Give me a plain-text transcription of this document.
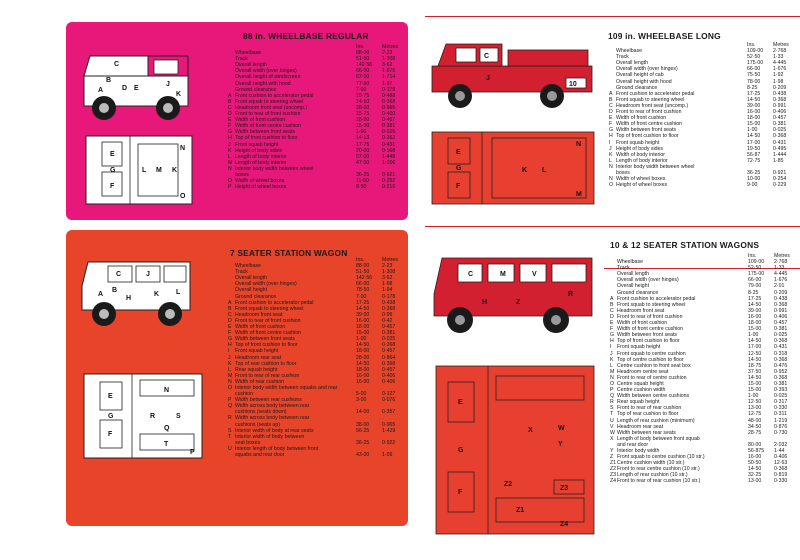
C
B
A	D E
J
K
E
G
F
L M K
N
O
88 in. WHEELBASE REGULAR
Ins.	Metres
Wheelbase	88·00	2·23
Track	51·50	1·308
Overall length	142·56	3·62
Overall width (over hinges)	66·00	1·676
Overall height of windscreen	67·50	1·714
Overall height with hood	77·50	1·97
Ground clearance	7·00	0·178
A Front cushion to accelerator pedal	19·75	0·488
B Front squab to steering wheel	14·50	0·368
C Headroom front seat (uncomp.)	38·00	0·965
D Front to rear of front cushion	15·75	0·400
E Width of front cushion	18·00	0·457
F Width of front centre cushion	15·00	0·381
G Width between front seats	1·00	0·025
H Top of front cushion to floor	14·13	0·362
J Front squab height	17·75	0·451
K Height of body sides	20·00	0·508
L Length of body interior	57·00	1·448
M Length of body interior	47·50	1·206
N Interior body width between wheel
boxes	36·25	0·921
O Width of wheel boxes	11·50	0·292
P Height of wheel boxes	8·50	0·216
C
J
10
E
G
F
K L
N
M
109 in. WHEELBASE LONG
Ins.	Metres
Wheelbase	109·00	2·768
Track	52·50	1·33
Overall length	175·00	4·445
Overall width (over hinges)	66·00	1·676
Overall height of cab	75·50	1·92
Overall height with hood	78·00	1·98
Ground clearance	8·25	0·209
A Front cushion to accelerator pedal	17·25	0·438
B Front squab to steering wheel	14·50	0·368
C Headroom front seat (uncomp.)	39·00	0·991
D Front to rear of front cushion	16·00	0·406
E Width of front cushion	18·00	0·457
F Width of front centre cushion	15·00	0·381
G Width between front seats	1·00	0·025
H Top of front cushion to floor	14·50	0·368
I	Front squab height	17·00	0·431
J Height of body sides	19·50	0·495
K Width of body interior	56·87	1·444
L Length of body interior	72·75	1·85
N Interior body width between wheel
boxes	36·25	0·921
N Width of wheel boxes	10·00	0·254
O Height of wheel boxes	9·00	0·229
C	J
A
B
H
K L
E
G
F
N
R	S
Q
T
P
7 SEATER STATION WAGON
Ins.	Metres
Wheelbase	88·00	2·23
Track	51·50	1·308
Overall length	142·56	3·62
Overall width (over hinges)	66·00	1·68
Overall height	78·50	1·94
Ground clearance	7·00	0·178
A Front cushion to accelerator pedal	17·25	0·438
B Front squab to steering wheel	14·50	0·368
C Headroom front seat	39·00	0·99
D Front to rear of front cushion	16·00	0·42
E Width of front cushion	18·00	0·457
F Width of front centre cushion	15·00	0·381
G Width between front seats	1·00	0·025
H Top of front cushion to floor	14·50	0·368
I	Front squab height	18·00	0·457
J Headroom rear seat	28·00	0·864
K Top of rear cushion to floor	14·50	0·368
L Rear squab height	18·00	0·457
M Front to rear of rear cushion	16·00	0·406
N Width of rear cushion	16·00	0·406
O Interior body width between squabs and rear
cushion	5·00	0·127
P Width between rear cushions	3·00	0·076
Q Width across body between rear
cushions (seats down)	14·00	0·357
R Width across body between rear
cushions (seats up)	38·00	0·965
S Interior width of body at rear seats	56·25	1·429
T Interior width of body between
seat boxes	36·25	0·922
U Interior length of body between front
squabs and rear door	43·00	1·09
C	M	V
H	Z
R
E
G
F
X	W
Y
Z2
Z1
Z3
Z4
10 & 12 SEATER STATION WAGONS
Ins.	Metres
Wheelbase	109·00	2·768
Track	52·50	1·33
Overall length	175·00	4·445
Overall width (over hinges)	66·00	1·676
Overall height	79·00	2·01
Ground clearance	8·25	0·209
A Front cushion to accelerator pedal	17·25	0·438
B Front squab to steering wheel	14·50	0·368
C Headroom front seat	39·00	0·991
D Front to rear of front cushion	16·00	0·406
E Width of front cushion	18·00	0·457
F Width of front centre cushion	15·00	0·381
G Width between front seats	1·00	0·025
H Top of front cushion to floor	14·50	0·368
I	Front squab height	17·00	0·431
J Front squab to centre cushion	12·50	0·318
K Top of centre cushion to floor	14·50	0·368
L Centre cushion to front seat box	18·75	0·476
M Headroom centre seat	37·50	0·952
N Front to rear of centre cushion	14·50	0·368
O Centre squab height	15·00	0·381
P Centre cushion width	15·00	0·393
Q Width between centre cushions	1·00	0·025
R Rear squab height	12·50	0·317
S Front to rear of rear cushion	13·00	0·330
T Top of rear cushion to floor	12·75	0·311
U Length of rear cushion (minimum)	48·00	1·219
V Headroom rear seat	34·50	0·876
W Width between rear seats	28·75	0·730
X Length of body between front squab
and rear door	80·00	2·032
Y Interior body width	56·875	1·44
Z Front squab to centre cushion (10 str.)	16·00	0·406
Z1 Centre cushion width (10 str.)	50·50	12·63
Z2 Front to rear centre cushion (10 str.)	14·50	0·368
Z3 Length of rear cushion (10 str.)	32·25	0·819
Z4 Front to rear of rear cushion (10 str.)	13·00	0·330
